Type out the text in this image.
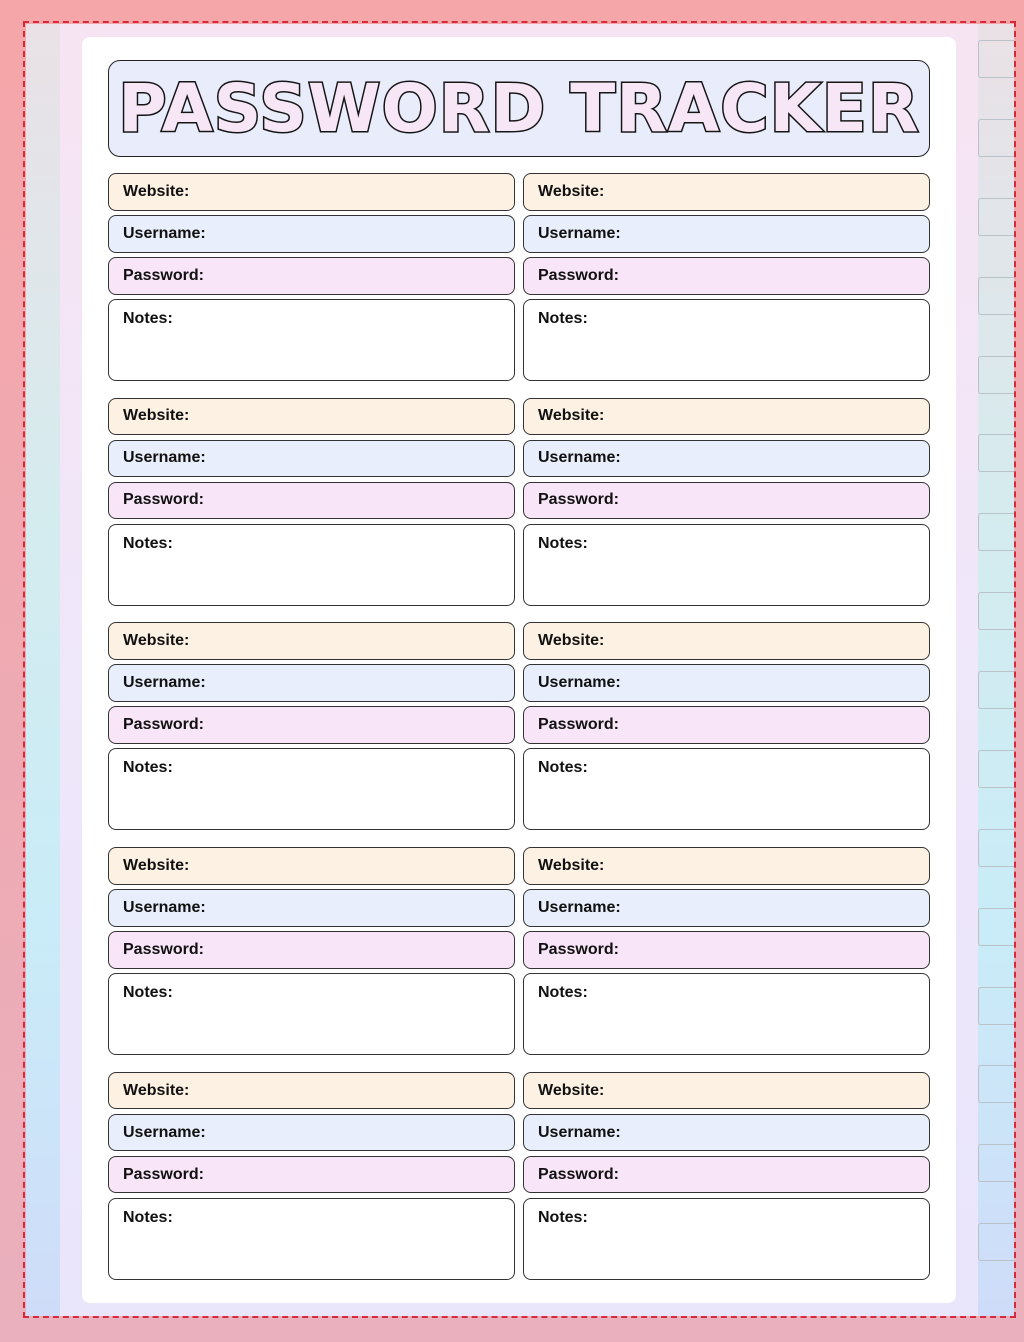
PASSWORD TRACKER
Website:
Username:
Password:
Notes:
Website:
Username:
Password:
Notes:
Website:
Username:
Password:
Notes:
Website:
Username:
Password:
Notes:
Website:
Username:
Password:
Notes:
Website:
Username:
Password:
Notes:
Website:
Username:
Password:
Notes:
Website:
Username:
Password:
Notes:
Website:
Username:
Password:
Notes:
Website:
Username:
Password:
Notes:
